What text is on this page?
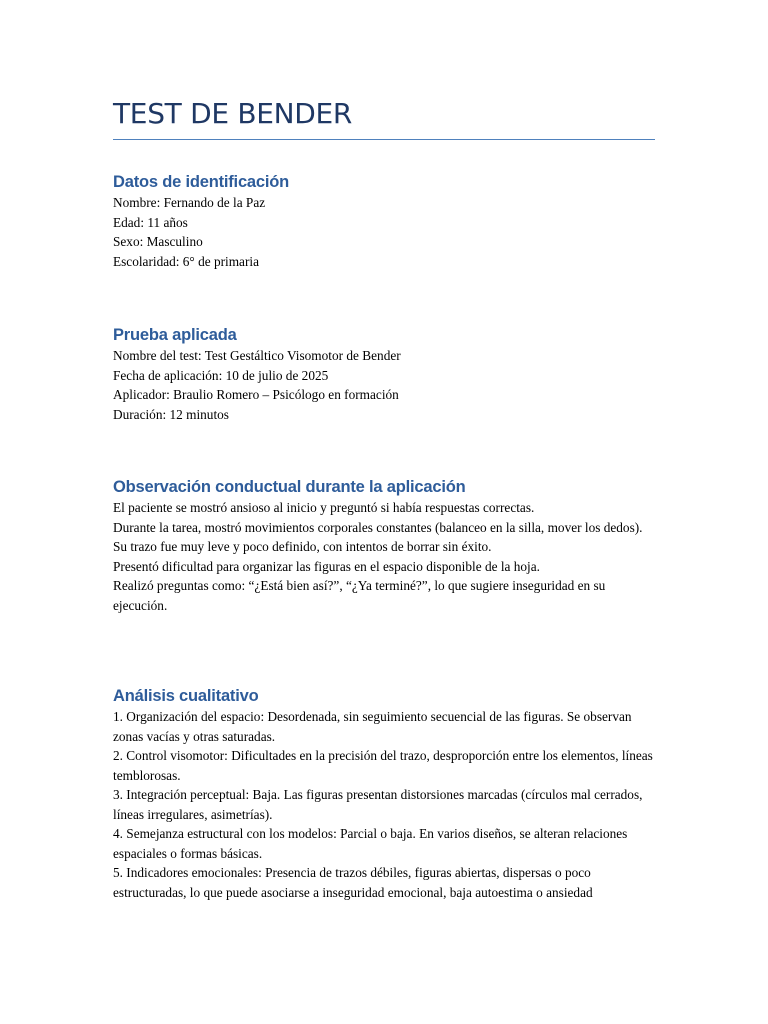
TEST DE BENDER
Datos de identificación

Nombre: Fernando de la Paz

Edad: 11 años

Sexo: Masculino

Escolaridad: 6° de primaria

Prueba aplicada

Nombre del test: Test Gestáltico Visomotor de Bender

Fecha de aplicación: 10 de julio de 2025

Aplicador: Braulio Romero – Psicólogo en formación

Duración: 12 minutos

Observación conductual durante la aplicación

El paciente se mostró ansioso al inicio y preguntó si había respuestas correctas.

Durante la tarea, mostró movimientos corporales constantes (balanceo en la silla, mover los dedos).

Su trazo fue muy leve y poco definido, con intentos de borrar sin éxito.

Presentó dificultad para organizar las figuras en el espacio disponible de la hoja.

Realizó preguntas como: “¿Está bien así?”, “¿Ya terminé?”, lo que sugiere inseguridad en su ejecución.

Análisis cualitativo

1. Organización del espacio: Desordenada, sin seguimiento secuencial de las figuras. Se observan zonas vacías y otras saturadas.

2. Control visomotor: Dificultades en la precisión del trazo, desproporción entre los elementos, líneas temblorosas.

3. Integración perceptual: Baja. Las figuras presentan distorsiones marcadas (círculos mal cerrados, líneas irregulares, asimetrías).

4. Semejanza estructural con los modelos: Parcial o baja. En varios diseños, se alteran relaciones espaciales o formas básicas.

5. Indicadores emocionales: Presencia de trazos débiles, figuras abiertas, dispersas o poco estructuradas, lo que puede asociarse a inseguridad emocional, baja autoestima o ansiedad
